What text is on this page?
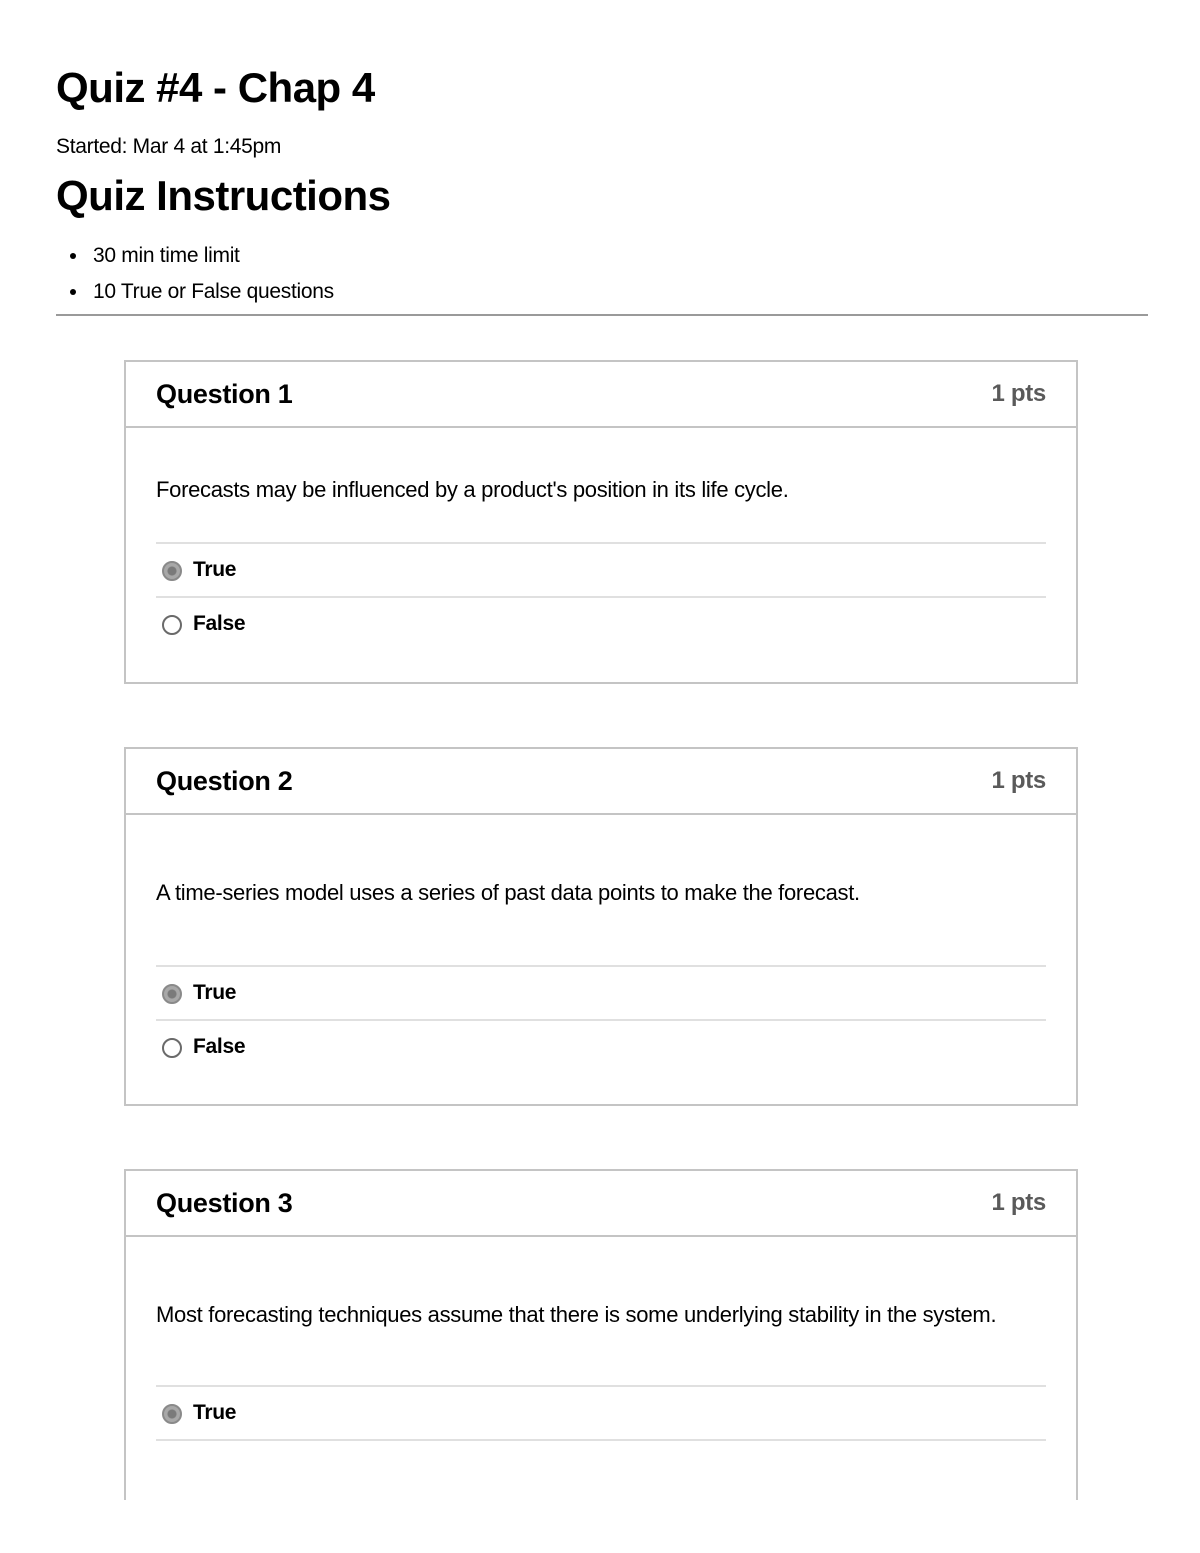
Quiz #4 - Chap 4

Started: Mar 4 at 1:45pm

Quiz Instructions
30 min time limit
10 True or False questions
Question 1	1 pts
Forecasts may be influenced by a product's position in its life cycle.
True
False
Question 2	1 pts
A time-series model uses a series of past data points to make the forecast.
True
False
Question 3	1 pts
Most forecasting techniques assume that there is some underlying stability in the system.
True
